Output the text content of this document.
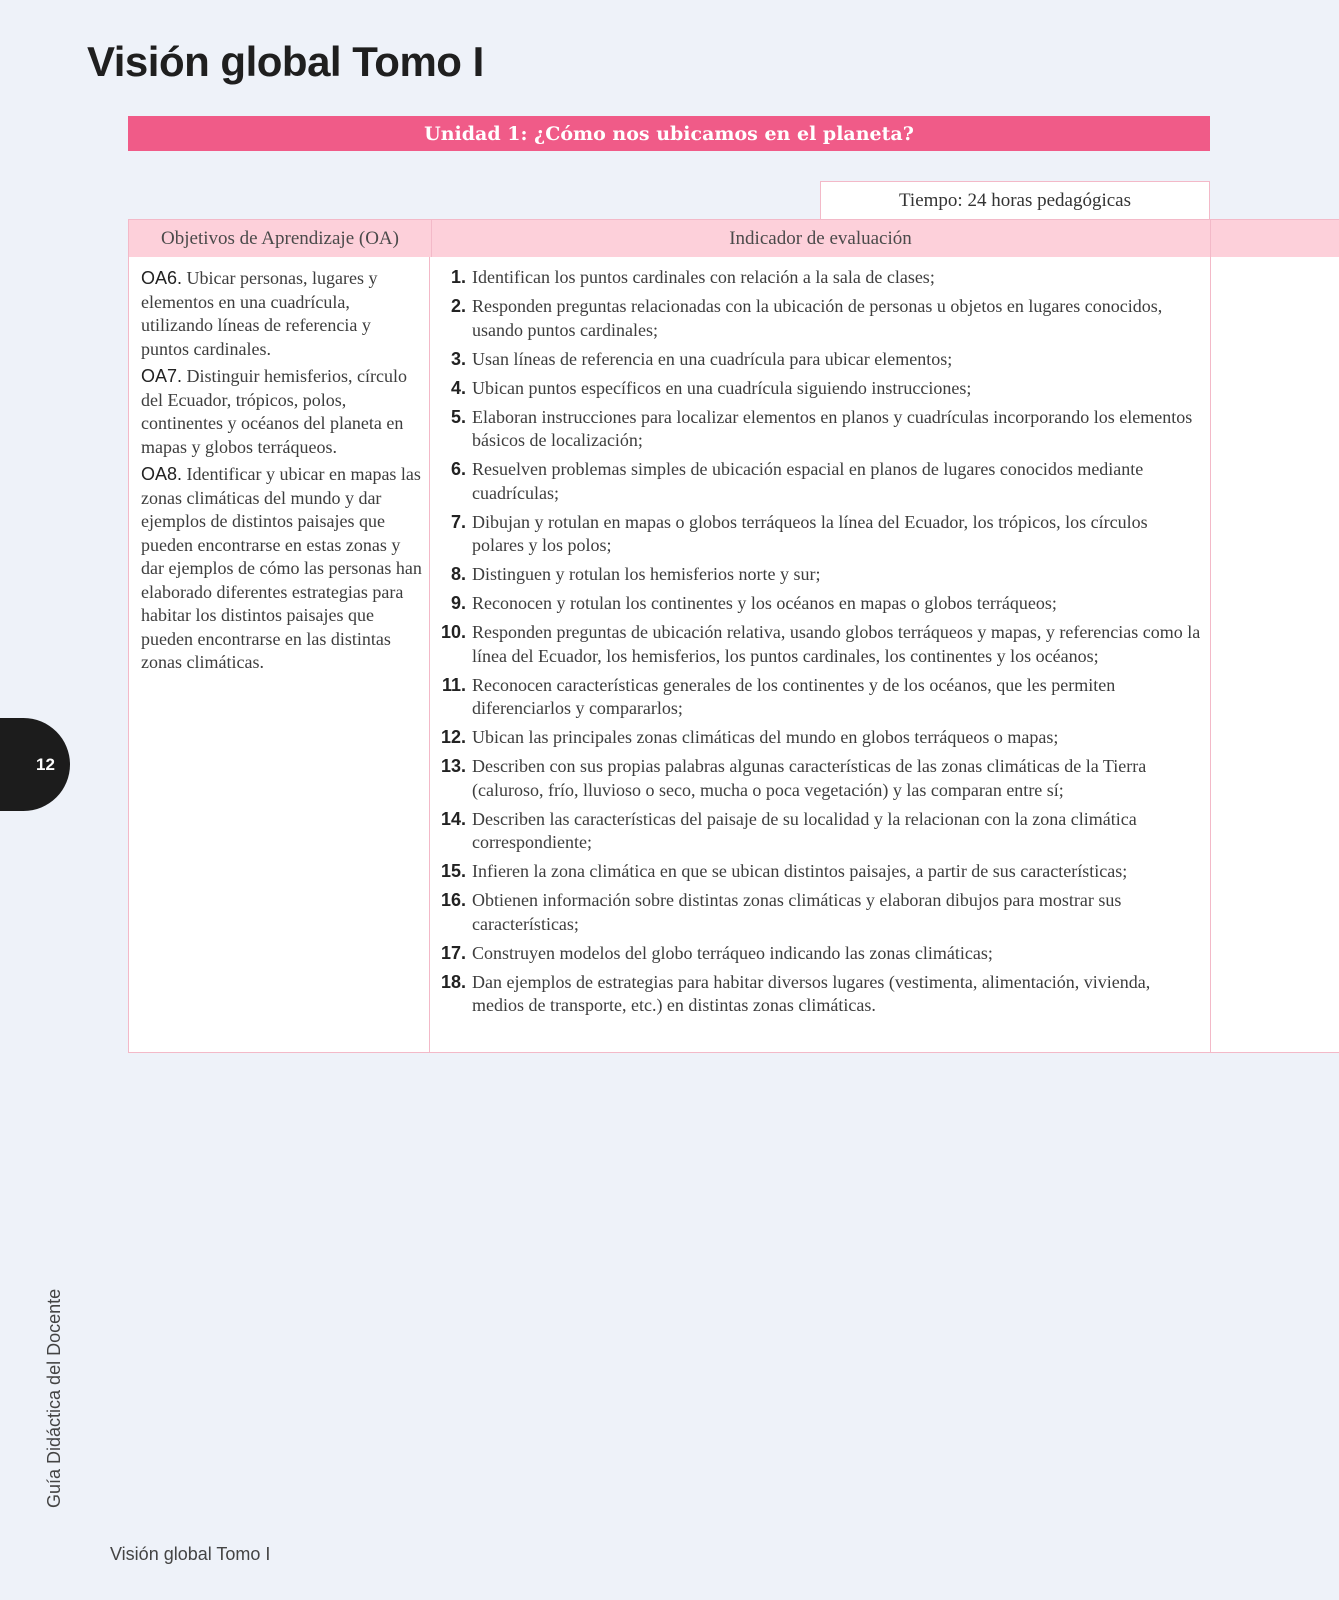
Visión global Tomo I
Unidad 1: ¿Cómo nos ubicamos en el planeta?
Tiempo: 24 horas pedagógicas
Objetivos de Aprendizaje (OA)	Indicador de evaluación

OA6. Ubicar personas, lugares y elementos en una cuadrícula, utilizando líneas de referencia y puntos cardinales.

OA7. Distinguir hemisferios, círculo del Ecuador, trópicos, polos, continentes y océanos del planeta en mapas y globos terráqueos.

OA8. Identificar y ubicar en mapas las zonas climáticas del mundo y dar ejemplos de distintos paisajes que pueden encontrarse en estas zonas y dar ejemplos de cómo las personas han elaborado diferentes estrategias para habitar los distintos paisajes que pueden encontrarse en las distintas zonas climáticas.

1. Identifican los puntos cardinales con relación a la sala de clases;
2. Responden preguntas relacionadas con la ubicación de personas u objetos en lugares conocidos, usando puntos cardinales;
3. Usan líneas de referencia en una cuadrícula para ubicar elementos;
4. Ubican puntos específicos en una cuadrícula siguiendo instrucciones;
5. Elaboran instrucciones para localizar elementos en planos y cuadrículas incorporando los elementos básicos de localización;
6. Resuelven problemas simples de ubicación espacial en planos de lugares conocidos mediante cuadrículas;
7. Dibujan y rotulan en mapas o globos terráqueos la línea del Ecuador, los trópicos, los círculos polares y los polos;
8. Distinguen y rotulan los hemisferios norte y sur;
9. Reconocen y rotulan los continentes y los océanos en mapas o globos terráqueos;
10. Responden preguntas de ubicación relativa, usando globos terráqueos y mapas, y referencias como la línea del Ecuador, los hemisferios, los puntos cardinales, los continentes y los océanos;
11. Reconocen características generales de los continentes y de los océanos, que les permiten diferenciarlos y compararlos;
12. Ubican las principales zonas climáticas del mundo en globos terráqueos o mapas;
13. Describen con sus propias palabras algunas características de las zonas climáticas de la Tierra (caluroso, frío, lluvioso o seco, mucha o poca vegetación) y las comparan entre sí;
14. Describen las características del paisaje de su localidad y la relacionan con la zona climática correspondiente;
15. Infieren la zona climática en que se ubican distintos paisajes, a partir de sus características;
16. Obtienen información sobre distintas zonas climáticas y elaboran dibujos para mostrar sus características;
17. Construyen modelos del globo terráqueo indicando las zonas climáticas;
18. Dan ejemplos de estrategias para habitar diversos lugares (vestimenta, alimentación, vivienda, medios de transporte, etc.) en distintas zonas climáticas.
12
Guía Didáctica del Docente
Visión global Tomo I
